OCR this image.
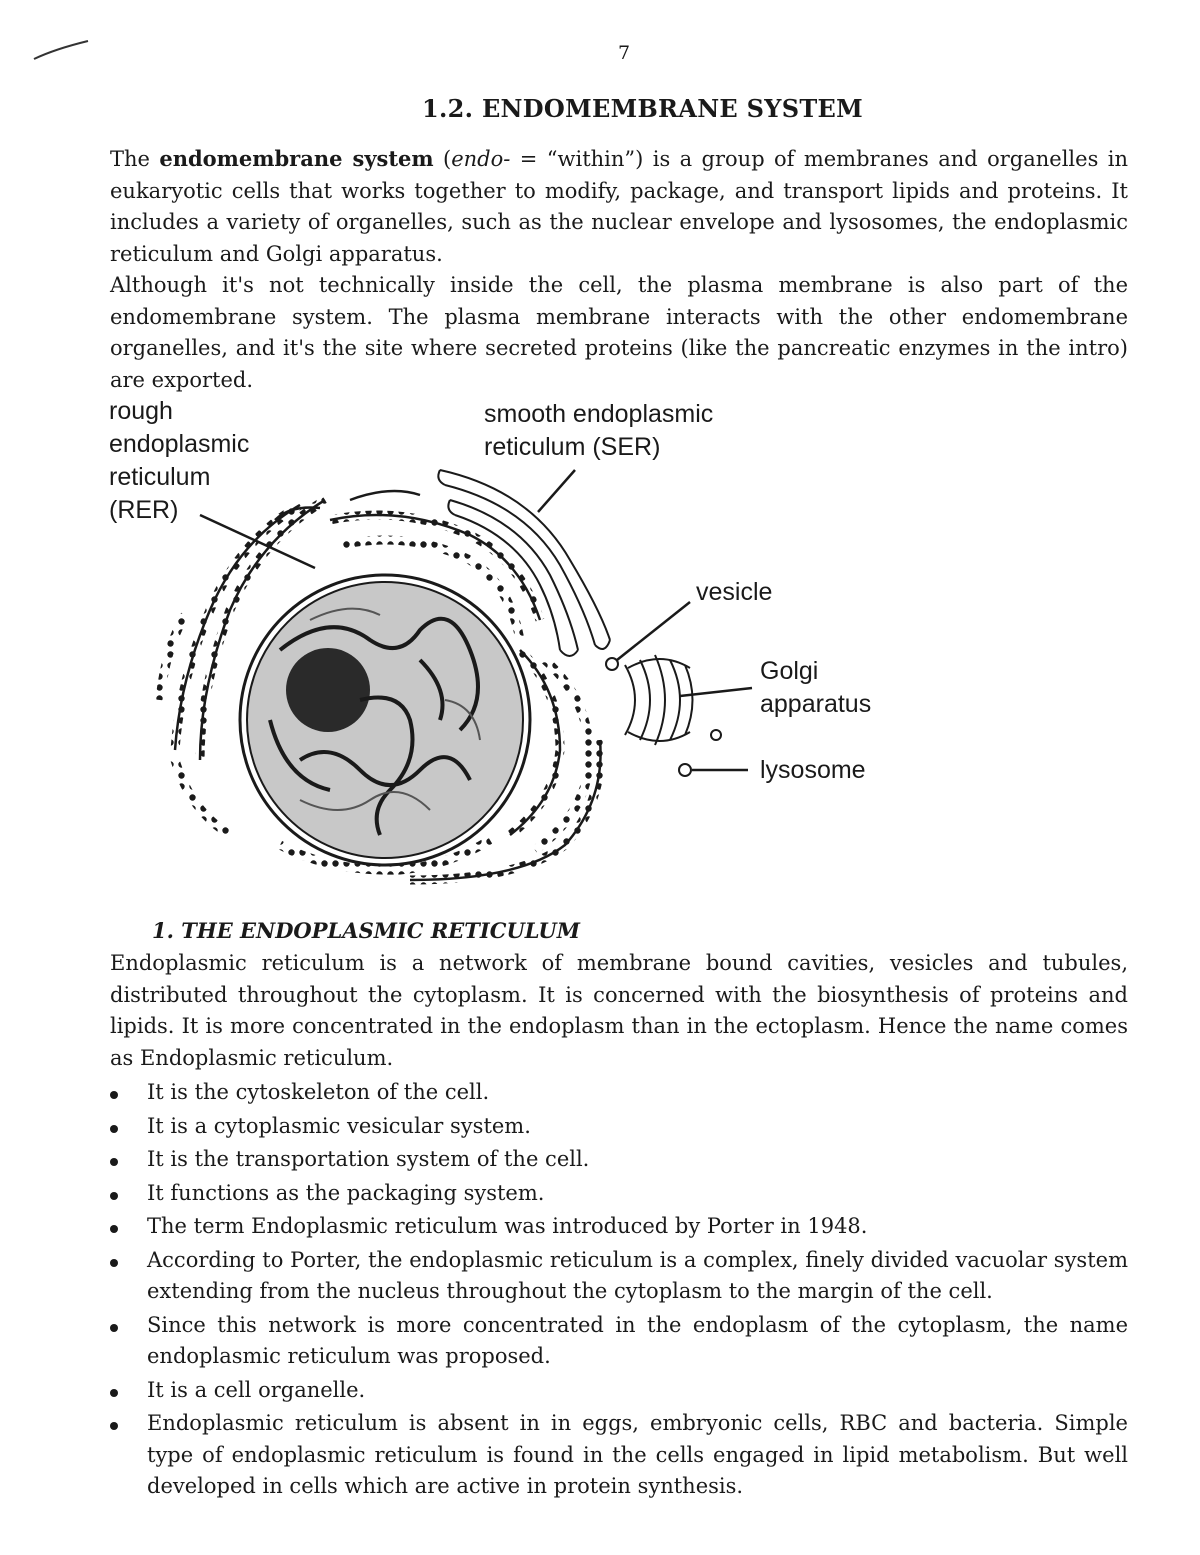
7
1.2. ENDOMEMBRANE SYSTEM

The endomembrane system (endo- = “within”) is a group of membranes and organelles in eukaryotic cells that works together to modify, package, and transport lipids and proteins. It includes a variety of organelles, such as the nuclear envelope and lysosomes, the endoplasmic reticulum and Golgi apparatus.

Although it's not technically inside the cell, the plasma membrane is also part of the endomembrane system. The plasma membrane interacts with the other endomembrane organelles, and it's the site where secreted proteins (like the pancreatic enzymes in the intro) are exported.

rough
endoplasmic
reticulum
(RER)
smooth endoplasmic
reticulum (SER)
vesicle
Golgi
apparatus
lysosome
1. THE ENDOPLASMIC RETICULUM

Endoplasmic reticulum is a network of membrane bound cavities, vesicles and tubules, distributed throughout the cytoplasm. It is concerned with the biosynthesis of proteins and lipids. It is more concentrated in the endoplasm than in the ectoplasm. Hence the name comes as Endoplasmic reticulum.

It is the cytoskeleton of the cell.
It is a cytoplasmic vesicular system.
It is the transportation system of the cell.
It functions as the packaging system.
The term Endoplasmic reticulum was introduced by Porter in 1948.
According to Porter, the endoplasmic reticulum is a complex, finely divided vacuolar system extending from the nucleus throughout the cytoplasm to the margin of the cell.
Since this network is more concentrated in the endoplasm of the cytoplasm, the name endoplasmic reticulum was proposed.
It is a cell organelle.
Endoplasmic reticulum is absent in in eggs, embryonic cells, RBC and bacteria. Simple type of endoplasmic reticulum is found in the cells engaged in lipid metabolism. But well developed in cells which are active in protein synthesis.
